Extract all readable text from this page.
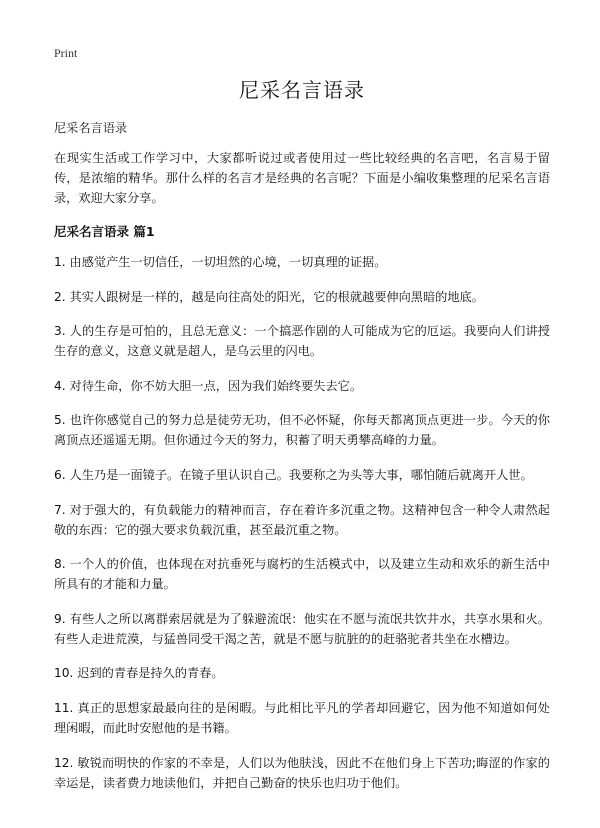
Print
尼采名言语录

尼采名言语录

在现实生活或工作学习中，大家都听说过或者使用过一些比较经典的名言吧，名言易于留传，是浓缩的精华。那什么样的名言才是经典的名言呢？下面是小编收集整理的尼采名言语录，欢迎大家分享。

尼采名言语录 篇1
1. 由感觉产生一切信任，一切坦然的心境，一切真理的证据。
2. 其实人跟树是一样的，越是向往高处的阳光，它的根就越要伸向黑暗的地底。
3. 人的生存是可怕的，且总无意义：一个搞恶作剧的人可能成为它的厄运。我要向人们讲授生存的意义，这意义就是超人，是乌云里的闪电。
4. 对待生命，你不妨大胆一点，因为我们始终要失去它。
5. 也许你感觉自己的努力总是徒劳无功，但不必怀疑，你每天都离顶点更进一步。今天的你离顶点还遥遥无期。但你通过今天的努力，积蓄了明天勇攀高峰的力量。
6. 人生乃是一面镜子。在镜子里认识自己。我要称之为头等大事，哪怕随后就离开人世。
7. 对于强大的，有负载能力的精神而言，存在着许多沉重之物。这精神包含一种令人肃然起敬的东西：它的强大要求负载沉重，甚至最沉重之物。
8. 一个人的价值，也体现在对抗垂死与腐朽的生活模式中，以及建立生动和欢乐的新生活中所具有的才能和力量。
9. 有些人之所以离群索居就是为了躲避流氓：他实在不愿与流氓共饮井水，共享水果和火。有些人走进荒漠，与猛兽同受干渴之苦，就是不愿与肮脏的的赶骆驼者共坐在水槽边。
10. 迟到的青春是持久的青春。
11. 真正的思想家最最向往的是闲暇。与此相比平凡的学者却回避它，因为他不知道如何处理闲暇，而此时安慰他的是书籍。
12. 敏锐而明快的作家的不幸是，人们以为他肤浅，因此不在他们身上下苦功;晦涩的作家的幸运是，读者费力地读他们，并把自己勤奋的快乐也归功于他们。
